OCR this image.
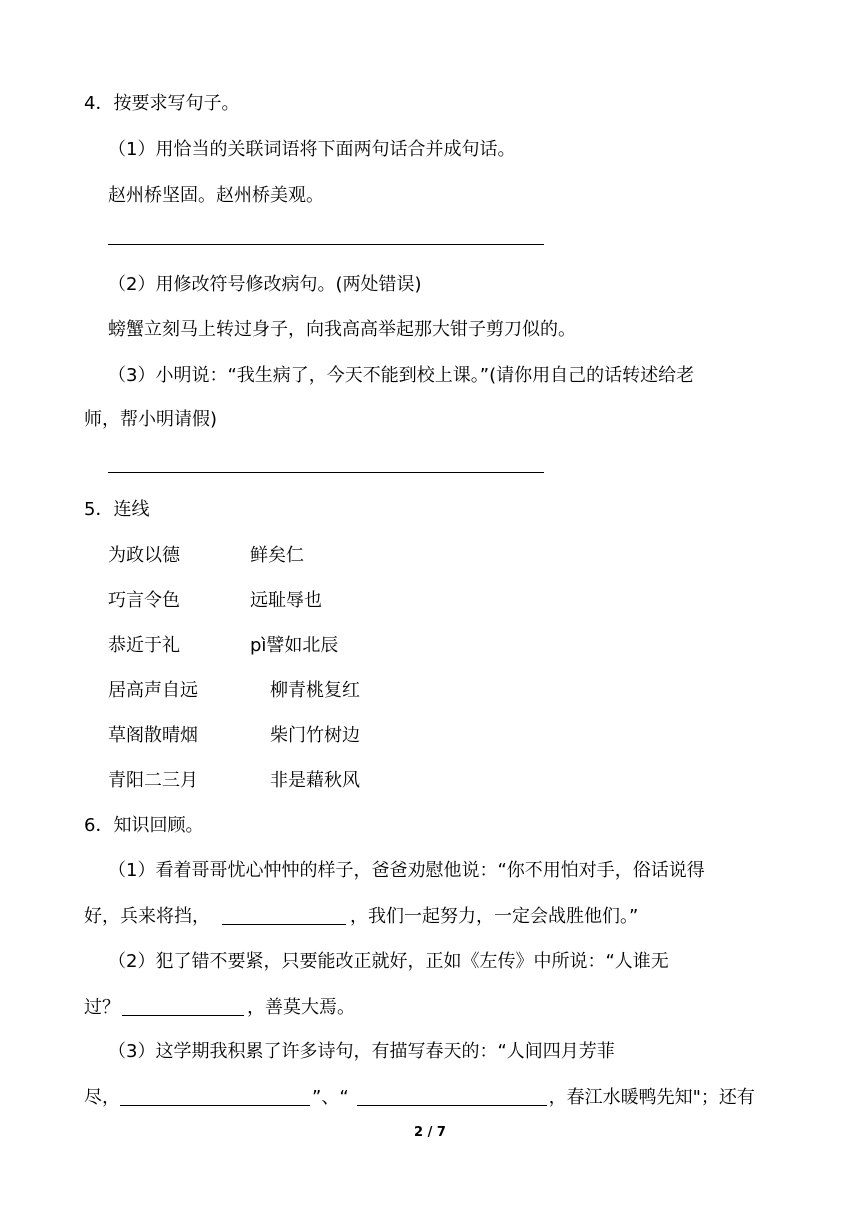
4．按要求写句子。
（1）用恰当的关联词语将下面两句话合并成句话。
赵州桥坚固。赵州桥美观。
（2）用修改符号修改病句。(两处错误)
螃蟹立刻马上转过身子，向我高高举起那大钳子剪刀似的。
（3）小明说：“我生病了，今天不能到校上课。”(请你用自己的话转述给老
师，帮小明请假)
5．连线
为政以德	鲜矣仁
巧言令色	远耻辱也
恭近于礼	pì譬如北辰
居高声自远	柳青桃复红
草阁散晴烟	柴门竹树边
青阳二三月	非是藉秋风
6．知识回顾。
（1）看着哥哥忧心忡忡的样子，爸爸劝慰他说：“你不用怕对手，俗话说得
好，兵来将挡，	，我们一起努力，一定会战胜他们。”
（2）犯了错不要紧，只要能改正就好，正如《左传》中所说：“人谁无
过？	，善莫大焉。
（3）这学期我积累了许多诗句，有描写春天的：“人间四月芳菲
尽，	”、“	，春江水暖鸭先知"；还有
2 / 7
